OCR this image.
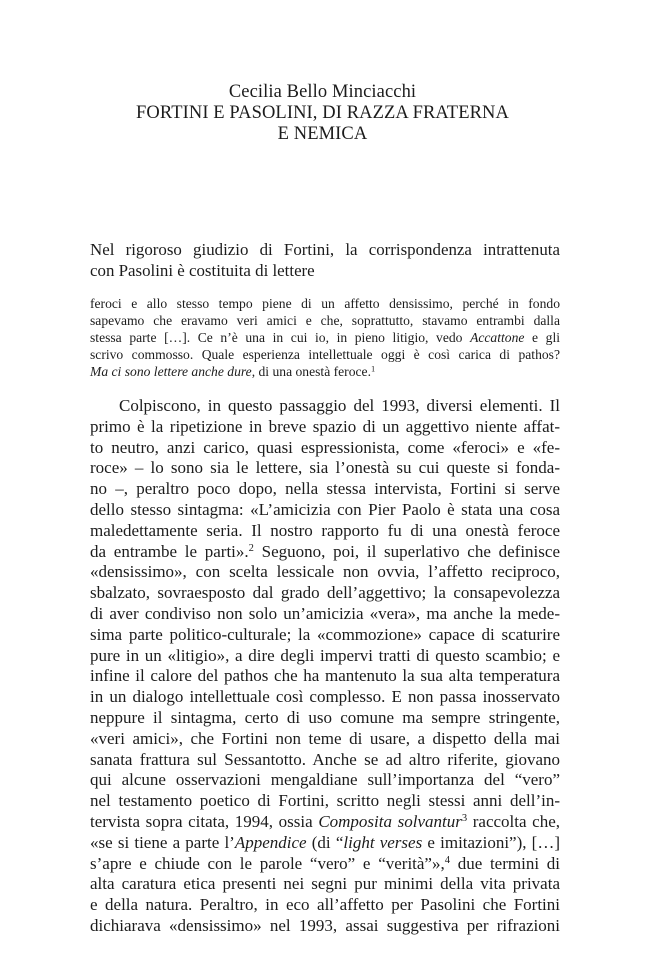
Cecilia Bello Minciacchi
FORTINI E PASOLINI, DI RAZZA FRATERNA
E NEMICA
Nel rigoroso giudizio di Fortini, la corrispondenza intrattenuta
con Pasolini è costituita di lettere
feroci e allo stesso tempo piene di un affetto densissimo, perché in fondo
sapevamo che eravamo veri amici e che, soprattutto, stavamo entrambi dalla
stessa parte […]. Ce n’è una in cui io, in pieno litigio, vedo Accattone e gli
scrivo commosso. Quale esperienza intellettuale oggi è così carica di pathos?
Ma ci sono lettere anche dure, di una onestà feroce.$^1$
Colpiscono, in questo passaggio del 1993, diversi elementi. Il
primo è la ripetizione in breve spazio di un aggettivo niente affat-
to neutro, anzi carico, quasi espressionista, come «feroci» e «fe-
roce» – lo sono sia le lettere, sia l’onestà su cui queste si fonda-
no –, peraltro poco dopo, nella stessa intervista, Fortini si serve
dello stesso sintagma: «L’amicizia con Pier Paolo è stata una cosa
maledettamente seria. Il nostro rapporto fu di una onestà feroce
da entrambe le parti».$^2$ Seguono, poi, il superlativo che definisce
«densissimo», con scelta lessicale non ovvia, l’affetto reciproco,
sbalzato, sovraesposto dal grado dell’aggettivo; la consapevolezza
di aver condiviso non solo un’amicizia «vera», ma anche la mede-
sima parte politico-culturale; la «commozione» capace di scaturire
pure in un «litigio», a dire degli impervi tratti di questo scambio; e
infine il calore del pathos che ha mantenuto la sua alta temperatura
in un dialogo intellettuale così complesso. E non passa inosservato
neppure il sintagma, certo di uso comune ma sempre stringente,
«veri amici», che Fortini non teme di usare, a dispetto della mai
sanata frattura sul Sessantotto. Anche se ad altro riferite, giovano
qui alcune osservazioni mengaldiane sull’importanza del “vero”
nel testamento poetico di Fortini, scritto negli stessi anni dell’in-
tervista sopra citata, 1994, ossia Composita solvantur$^3$ raccolta che,
«se si tiene a parte l’Appendice (di “light verses e imitazioni”), […]
s’apre e chiude con le parole “vero” e “verità”»,$^4$ due termini di
alta caratura etica presenti nei segni pur minimi della vita privata
e della natura. Peraltro, in eco all’affetto per Pasolini che Fortini
dichiarava «densissimo» nel 1993, assai suggestiva per rifrazioni
